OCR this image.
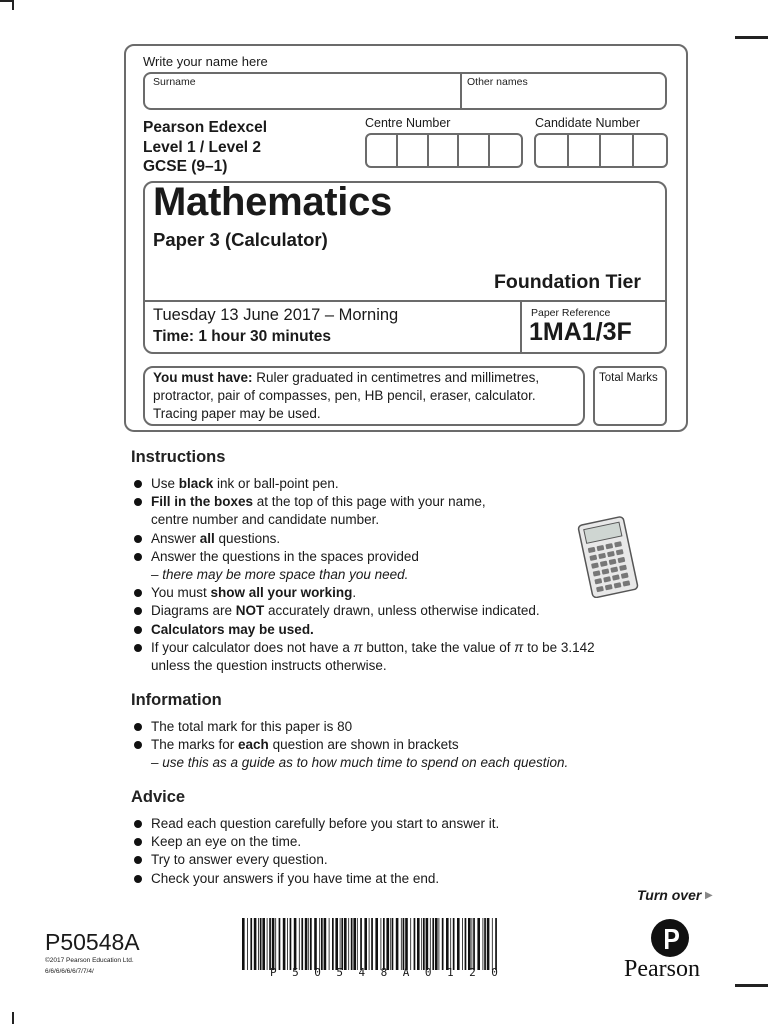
Write your name here
Surname	Other names
Pearson Edexcel
Level 1 / Level 2
GCSE (9–1)
Centre Number	Candidate Number
Mathematics
Paper 3 (Calculator)
Foundation Tier
Tuesday 13 June 2017 – Morning
Time: 1 hour 30 minutes
Paper Reference
1MA1/3F
You must have: Ruler graduated in centimetres and millimetres, protractor, pair of compasses, pen, HB pencil, eraser, calculator. Tracing paper may be used.
Total Marks
Instructions
Use black ink or ball-point pen.
Fill in the boxes at the top of this page with your name,
centre number and candidate number.
Answer all questions.
Answer the questions in the spaces provided
– there may be more space than you need.
You must show all your working.
Diagrams are NOT accurately drawn, unless otherwise indicated.
Calculators may be used.
If your calculator does not have a π button, take the value of π to be 3.142
unless the question instructs otherwise.
Information
The total mark for this paper is 80
The marks for each question are shown in brackets
– use this as a guide as to how much time to spend on each question.
Advice
Read each question carefully before you start to answer it.
Keep an eye on the time.
Try to answer every question.
Check your answers if you have time at the end.
Turn over ▶
P50548A
©2017 Pearson Education Ltd.
6/6/6/6/6/6/7/7/4/	P 5 0 5 4 8 A 0 1 2 0	Pearson
